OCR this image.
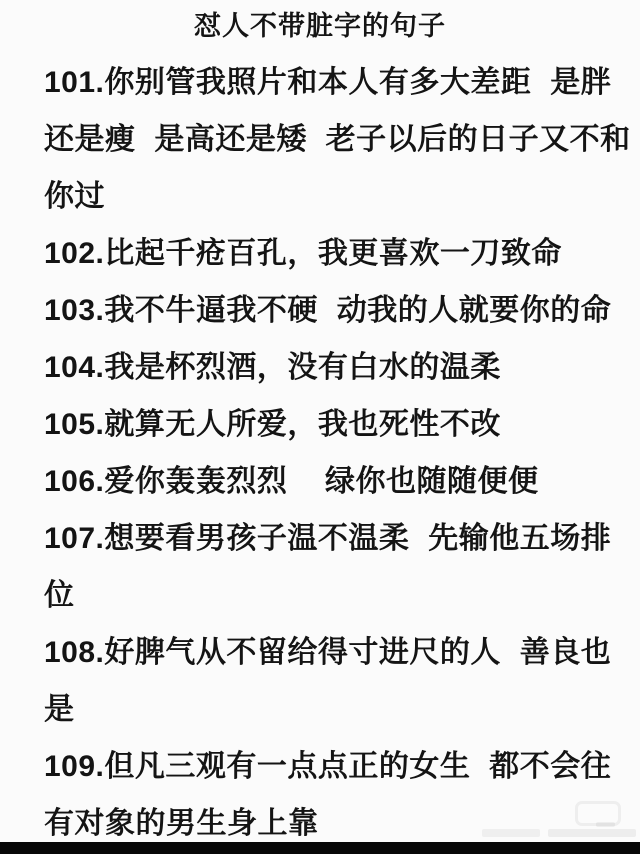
怼人不带脏字的句子
101.你别管我照片和本人有多大差距 是胖
还是瘦 是高还是矮 老子以后的日子又不和
你过
102.比起千疮百孔，我更喜欢一刀致命
103.我不牛逼我不硬 动我的人就要你的命
104.我是杯烈酒，没有白水的温柔
105.就算无人所爱，我也死性不改
106.爱你轰轰烈烈  绿你也随随便便
107.想要看男孩子温不温柔 先输他五场排
位
108.好脾气从不留给得寸进尺的人 善良也
是
109.但凡三观有一点点正的女生 都不会往
有对象的男生身上靠
